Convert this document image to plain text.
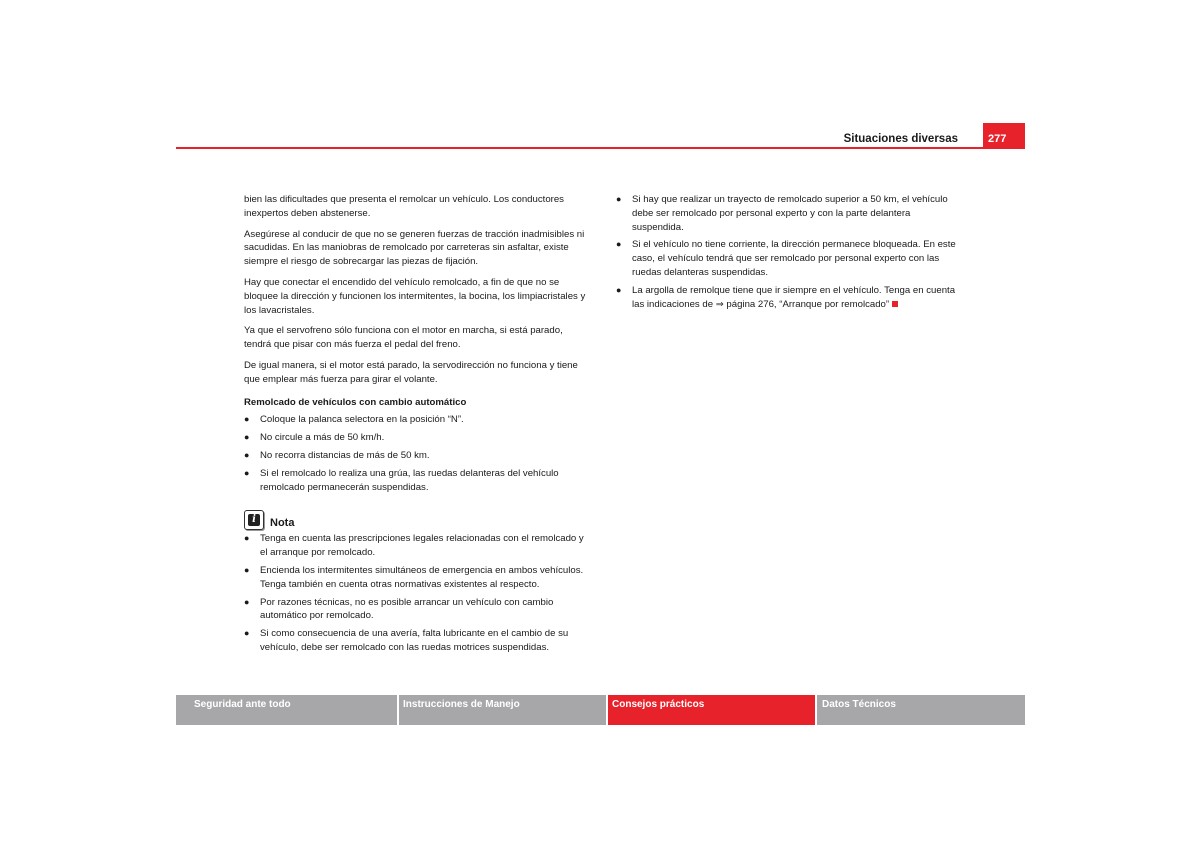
Situaciones diversas	277

bien las dificultades que presenta el remolcar un vehículo. Los conductores inexpertos deben abstenerse.

Asegúrese al conducir de que no se generen fuerzas de tracción inadmisibles ni sacudidas. En las maniobras de remolcado por carreteras sin asfaltar, existe siempre el riesgo de sobrecargar las piezas de fijación.

Hay que conectar el encendido del vehículo remolcado, a fin de que no se bloquee la dirección y funcionen los intermitentes, la bocina, los limpiacristales y los lavacristales.

Ya que el servofreno sólo funciona con el motor en marcha, si está parado, tendrá que pisar con más fuerza el pedal del freno.

De igual manera, si el motor está parado, la servodirección no funciona y tiene que emplear más fuerza para girar el volante.

Remolcado de vehículos con cambio automático
● Coloque la palanca selectora en la posición “N”.
● No circule a más de 50 km/h.
● No recorra distancias de más de 50 km.
● Si el remolcado lo realiza una grúa, las ruedas delanteras del vehículo remolcado permanecerán suspendidas.
i	Nota
● Tenga en cuenta las prescripciones legales relacionadas con el remolcado y el arranque por remolcado.
● Encienda los intermitentes simultáneos de emergencia en ambos vehículos. Tenga también en cuenta otras normativas existentes al respecto.
● Por razones técnicas, no es posible arrancar un vehículo con cambio automático por remolcado.
● Si como consecuencia de una avería, falta lubricante en el cambio de su vehículo, debe ser remolcado con las ruedas motrices suspendidas.
● Si hay que realizar un trayecto de remolcado superior a 50 km, el vehículo debe ser remolcado por personal experto y con la parte delantera suspendida.
● Si el vehículo no tiene corriente, la dirección permanece bloqueada. En este caso, el vehículo tendrá que ser remolcado por personal experto con las ruedas delanteras suspendidas.
● La argolla de remolque tiene que ir siempre en el vehículo. Tenga en cuenta las indicaciones de ⇒ página 276, “Arranque por remolcado”
Seguridad ante todo	Instrucciones de Manejo	Consejos prácticos	Datos Técnicos
